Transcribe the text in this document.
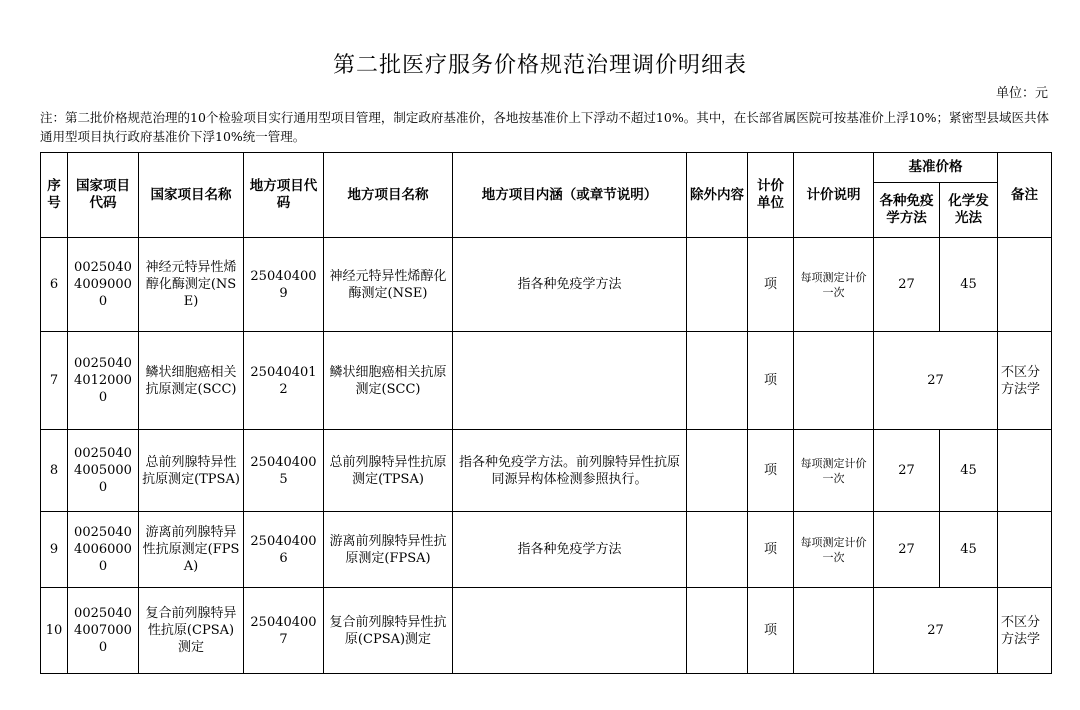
第二批医疗服务价格规范治理调价明细表
单位：元
注：第二批价格规范治理的10个检验项目实行通用型项目管理，制定政府基准价，各地按基准价上下浮动不超过10%。其中，在长部省属医院可按基准价上浮10%；紧密型县域医共体通用型项目执行政府基准价下浮10%统一管理。
序号	国家项目代码	国家项目名称	地方项目代码	地方项目名称	地方项目内涵（或章节说明）	除外内容	计价单位	计价说明	基准价格		备注
									各种免疫学方法	化学发光法	
6	002504040090000	神经元特异性烯醇化酶测定(NSE)	250404009	神经元特异性烯醇化酶测定(NSE)	指各种免疫学方法		项	每项测定计价一次	27	45	
7	002504040120000	鳞状细胞癌相关抗原测定(SCC)	250404012	鳞状细胞癌相关抗原测定(SCC)			项		27		不区分方法学
8	002504040050000	总前列腺特异性抗原测定(TPSA)	250404005	总前列腺特异性抗原测定(TPSA)	指各种免疫学方法。前列腺特异性抗原同源异构体检测参照执行。		项	每项测定计价一次	27	45	
9	002504040060000	游离前列腺特异性抗原测定(FPSA)	250404006	游离前列腺特异性抗原测定(FPSA)	指各种免疫学方法		项	每项测定计价一次	27	45	
10	002504040070000	复合前列腺特异性抗原(CPSA)测定	250404007	复合前列腺特异性抗原(CPSA)测定			项		27		不区分方法学
